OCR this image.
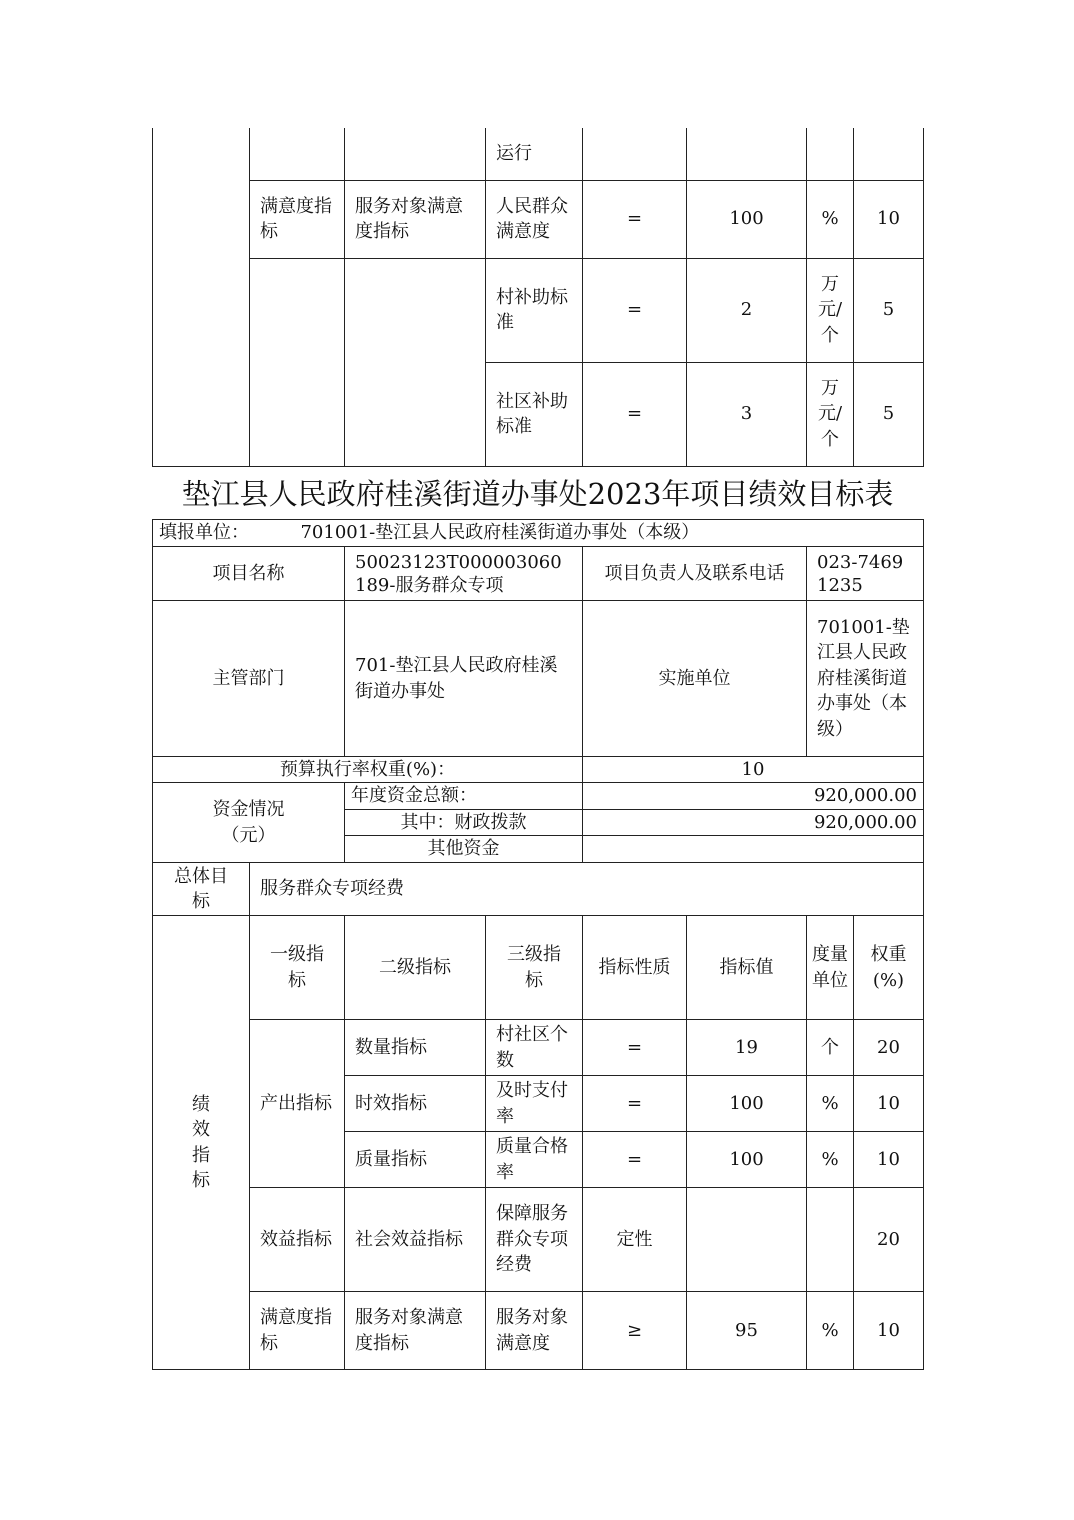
			运行				
	满意度指标	服务对象满意度指标	人民群众满意度	=	100	%	10
			村补助标准	=	2	万元/个	5
			社区补助标准	=	3	万元/个	5
垫江县人民政府桂溪街道办事处2023年项目绩效目标表
填报单位： 701001-垫江县人民政府桂溪街道办事处（本级）							
项目名称		50023123T000003060189-服务群众专项		项目负责人及联系电话		023-74691235	
主管部门		701-垫江县人民政府桂溪街道办事处		实施单位		701001-垫江县人民政府桂溪街道办事处（本级）	
预算执行率权重(%)：				10			
资金情况（元）		年度资金总额：		920,000.00			
		其中：财政拨款		920,000.00			
		其他资金					
总体目标	服务群众专项经费						
绩效指标	一级指标	二级指标	三级指标	指标性质	指标值	度量单位	权重(%)
	产出指标	数量指标	村社区个数	=	19	个	20
		时效指标	及时支付率	=	100	%	10
		质量指标	质量合格率	=	100	%	10
	效益指标	社会效益指标	保障服务群众专项经费	定性			20
	满意度指标	服务对象满意度指标	服务对象满意度	≥	95	%	10
